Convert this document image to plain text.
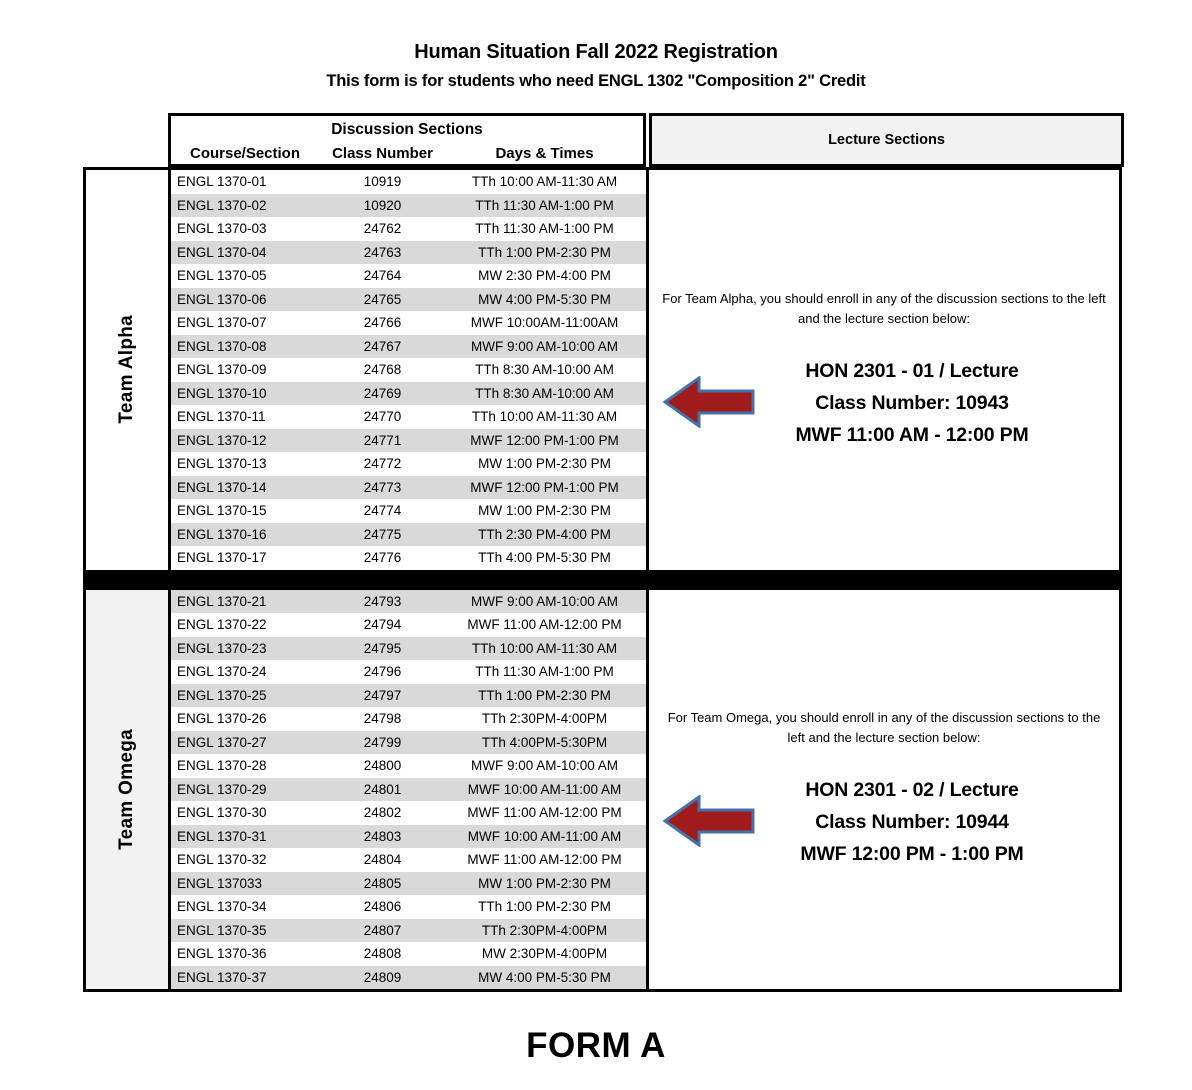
Human Situation Fall 2022 Registration
This form is for students who need ENGL 1302 "Composition 2" Credit
Discussion Sections
Course/Section	Class Number	Days & Times
Lecture Sections
Team Alpha
ENGL 1370-01	10919	TTh 10:00 AM-11:30 AM
ENGL 1370-02	10920	TTh 11:30 AM-1:00 PM
ENGL 1370-03	24762	TTh 11:30 AM-1:00 PM
ENGL 1370-04	24763	TTh 1:00 PM-2:30 PM
ENGL 1370-05	24764	MW 2:30 PM-4:00 PM
ENGL 1370-06	24765	MW 4:00 PM-5:30 PM
ENGL 1370-07	24766	MWF 10:00AM-11:00AM
ENGL 1370-08	24767	MWF 9:00 AM-10:00 AM
ENGL 1370-09	24768	TTh 8:30 AM-10:00 AM
ENGL 1370-10	24769	TTh 8:30 AM-10:00 AM
ENGL 1370-11	24770	TTh 10:00 AM-11:30 AM
ENGL 1370-12	24771	MWF 12:00 PM-1:00 PM
ENGL 1370-13	24772	MW 1:00 PM-2:30 PM
ENGL 1370-14	24773	MWF 12:00 PM-1:00 PM
ENGL 1370-15	24774	MW 1:00 PM-2:30 PM
ENGL 1370-16	24775	TTh 2:30 PM-4:00 PM
ENGL 1370-17	24776	TTh 4:00 PM-5:30 PM
For Team Alpha, you should enroll in any of the discussion sections to the left and the lecture section below:
HON 2301 - 01 / Lecture
Class Number: 10943
MWF 11:00 AM - 12:00 PM
Team Omega
ENGL 1370-21	24793	MWF 9:00 AM-10:00 AM
ENGL 1370-22	24794	MWF 11:00 AM-12:00 PM
ENGL 1370-23	24795	TTh 10:00 AM-11:30 AM
ENGL 1370-24	24796	TTh 11:30 AM-1:00 PM
ENGL 1370-25	24797	TTh 1:00 PM-2:30 PM
ENGL 1370-26	24798	TTh 2:30PM-4:00PM
ENGL 1370-27	24799	TTh 4:00PM-5:30PM
ENGL 1370-28	24800	MWF 9:00 AM-10:00 AM
ENGL 1370-29	24801	MWF 10:00 AM-11:00 AM
ENGL 1370-30	24802	MWF 11:00 AM-12:00 PM
ENGL 1370-31	24803	MWF 10:00 AM-11:00 AM
ENGL 1370-32	24804	MWF 11:00 AM-12:00 PM
ENGL 137033	24805	MW 1:00 PM-2:30 PM
ENGL 1370-34	24806	TTh 1:00 PM-2:30 PM
ENGL 1370-35	24807	TTh 2:30PM-4:00PM
ENGL 1370-36	24808	MW 2:30PM-4:00PM
ENGL 1370-37	24809	MW 4:00 PM-5:30 PM
For Team Omega, you should enroll in any of the discussion sections to the left and the lecture section below:
HON 2301 - 02 / Lecture
Class Number: 10944
MWF 12:00 PM - 1:00 PM
FORM A
